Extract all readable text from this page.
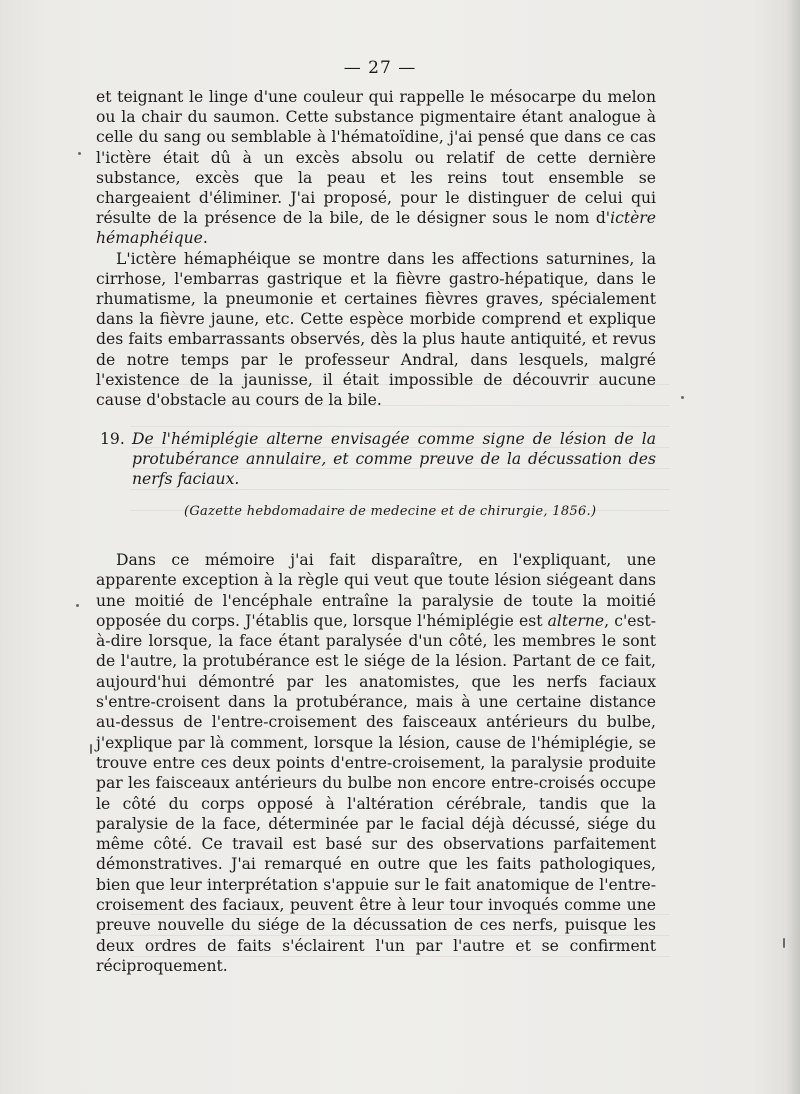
— 27 —

et teignant le linge d'une couleur qui rappelle le mésocarpe du melon ou la chair du saumon. Cette substance pigmentaire étant analogue à celle du sang ou semblable à l'hématoïdine, j'ai pensé que dans ce cas l'ictère était dû à un excès absolu ou relatif de cette dernière substance, excès que la peau et les reins tout ensemble se chargeaient d'éliminer. J'ai proposé, pour le distinguer de celui qui résulte de la présence de la bile, de le désigner sous le nom d'ictère hémaphéique.

L'ictère hémaphéique se montre dans les affections saturnines, la cirrhose, l'embarras gastrique et la fièvre gastro-hépatique, dans le rhumatisme, la pneumonie et certaines fièvres graves, spécialement dans la fièvre jaune, etc. Cette espèce morbide comprend et explique des faits embarrassants observés, dès la plus haute antiquité, et revus de notre temps par le professeur Andral, dans lesquels, malgré l'existence de la jaunisse, il était impossible de découvrir aucune cause d'obstacle au cours de la bile.

19. De l'hémiplégie alterne envisagée comme signe de lésion de la protubérance annulaire, et comme preuve de la décussation des nerfs faciaux.
(Gazette hebdomadaire de medecine et de chirurgie, 1856.)

Dans ce mémoire j'ai fait disparaître, en l'expliquant, une apparente exception à la règle qui veut que toute lésion siégeant dans une moitié de l'encéphale entraîne la paralysie de toute la moitié opposée du corps. J'établis que, lorsque l'hémiplégie est alterne, c'est-à-dire lorsque, la face étant paralysée d'un côté, les membres le sont de l'autre, la protubérance est le siége de la lésion. Partant de ce fait, aujourd'hui démontré par les anatomistes, que les nerfs faciaux s'entre-croisent dans la protubérance, mais à une certaine distance au-dessus de l'entre-croisement des faisceaux antérieurs du bulbe, j'explique par là comment, lorsque la lésion, cause de l'hémiplégie, se trouve entre ces deux points d'entre-croisement, la paralysie produite par les faisceaux antérieurs du bulbe non encore entre-croisés occupe le côté du corps opposé à l'altération cérébrale, tandis que la paralysie de la face, déterminée par le facial déjà décussé, siége du même côté. Ce travail est basé sur des observations parfaitement démonstratives. J'ai remarqué en outre que les faits pathologiques, bien que leur interprétation s'appuie sur le fait anatomique de l'entre-croisement des faciaux, peuvent être à leur tour invoqués comme une preuve nouvelle du siége de la décussation de ces nerfs, puisque les deux ordres de faits s'éclairent l'un par l'autre et se confirment réciproquement.
